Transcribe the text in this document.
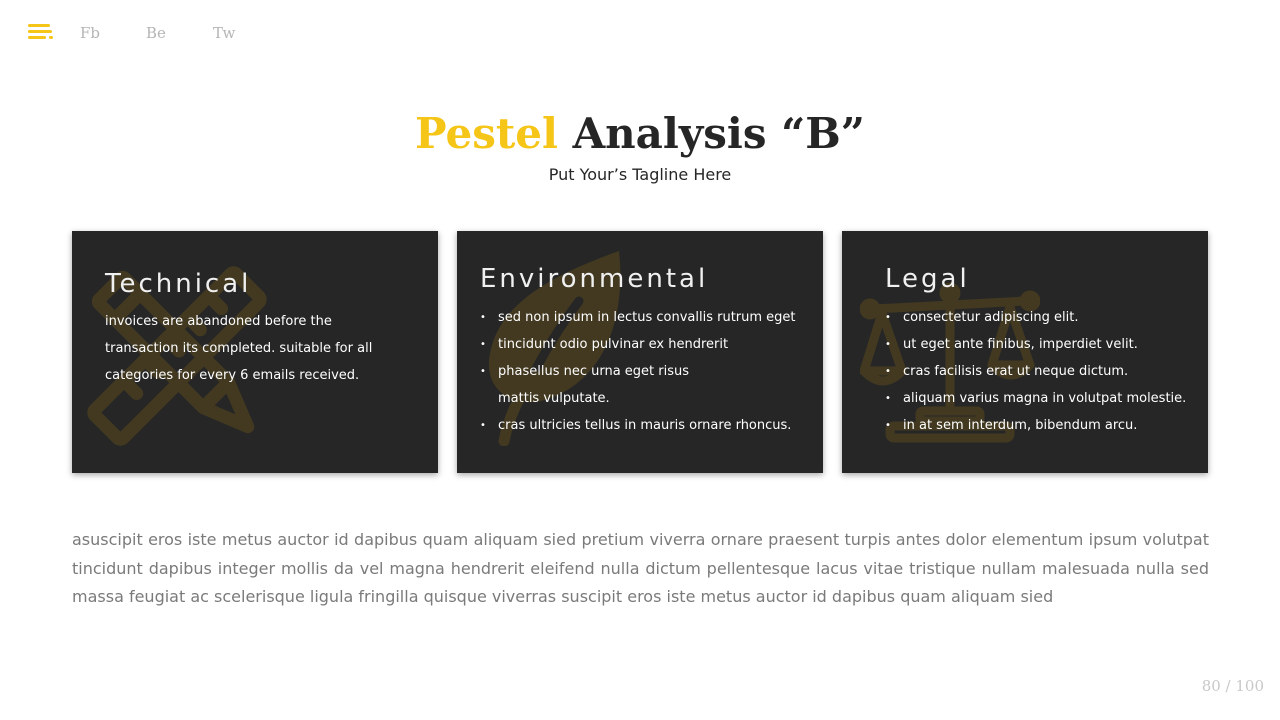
Fb	Be	Tw
Pestel Analysis “B”
Put Your’s Tagline Here
Technical
invoices are abandoned before the transaction its completed. suitable for all categories for every 6 emails received.
Environmental
• sed non ipsum in lectus convallis rutrum eget
• tincidunt odio pulvinar ex hendrerit
• phasellus nec urna eget risus mattis vulputate.
• cras ultricies tellus in mauris ornare rhoncus.
Legal
• consectetur adipiscing elit.
• ut eget ante finibus, imperdiet velit.
• cras facilisis erat ut neque dictum.
• aliquam varius magna in volutpat molestie.
• in at sem interdum, bibendum arcu.
asuscipit eros iste metus auctor id dapibus quam aliquam sied pretium viverra ornare praesent turpis antes dolor elementum ipsum volutpat tincidunt dapibus integer mollis da vel magna hendrerit eleifend nulla dictum pellentesque lacus vitae tristique nullam malesuada nulla sed massa feugiat ac scelerisque ligula fringilla quisque viverras suscipit eros iste metus auctor id dapibus quam aliquam sied
80 / 100
